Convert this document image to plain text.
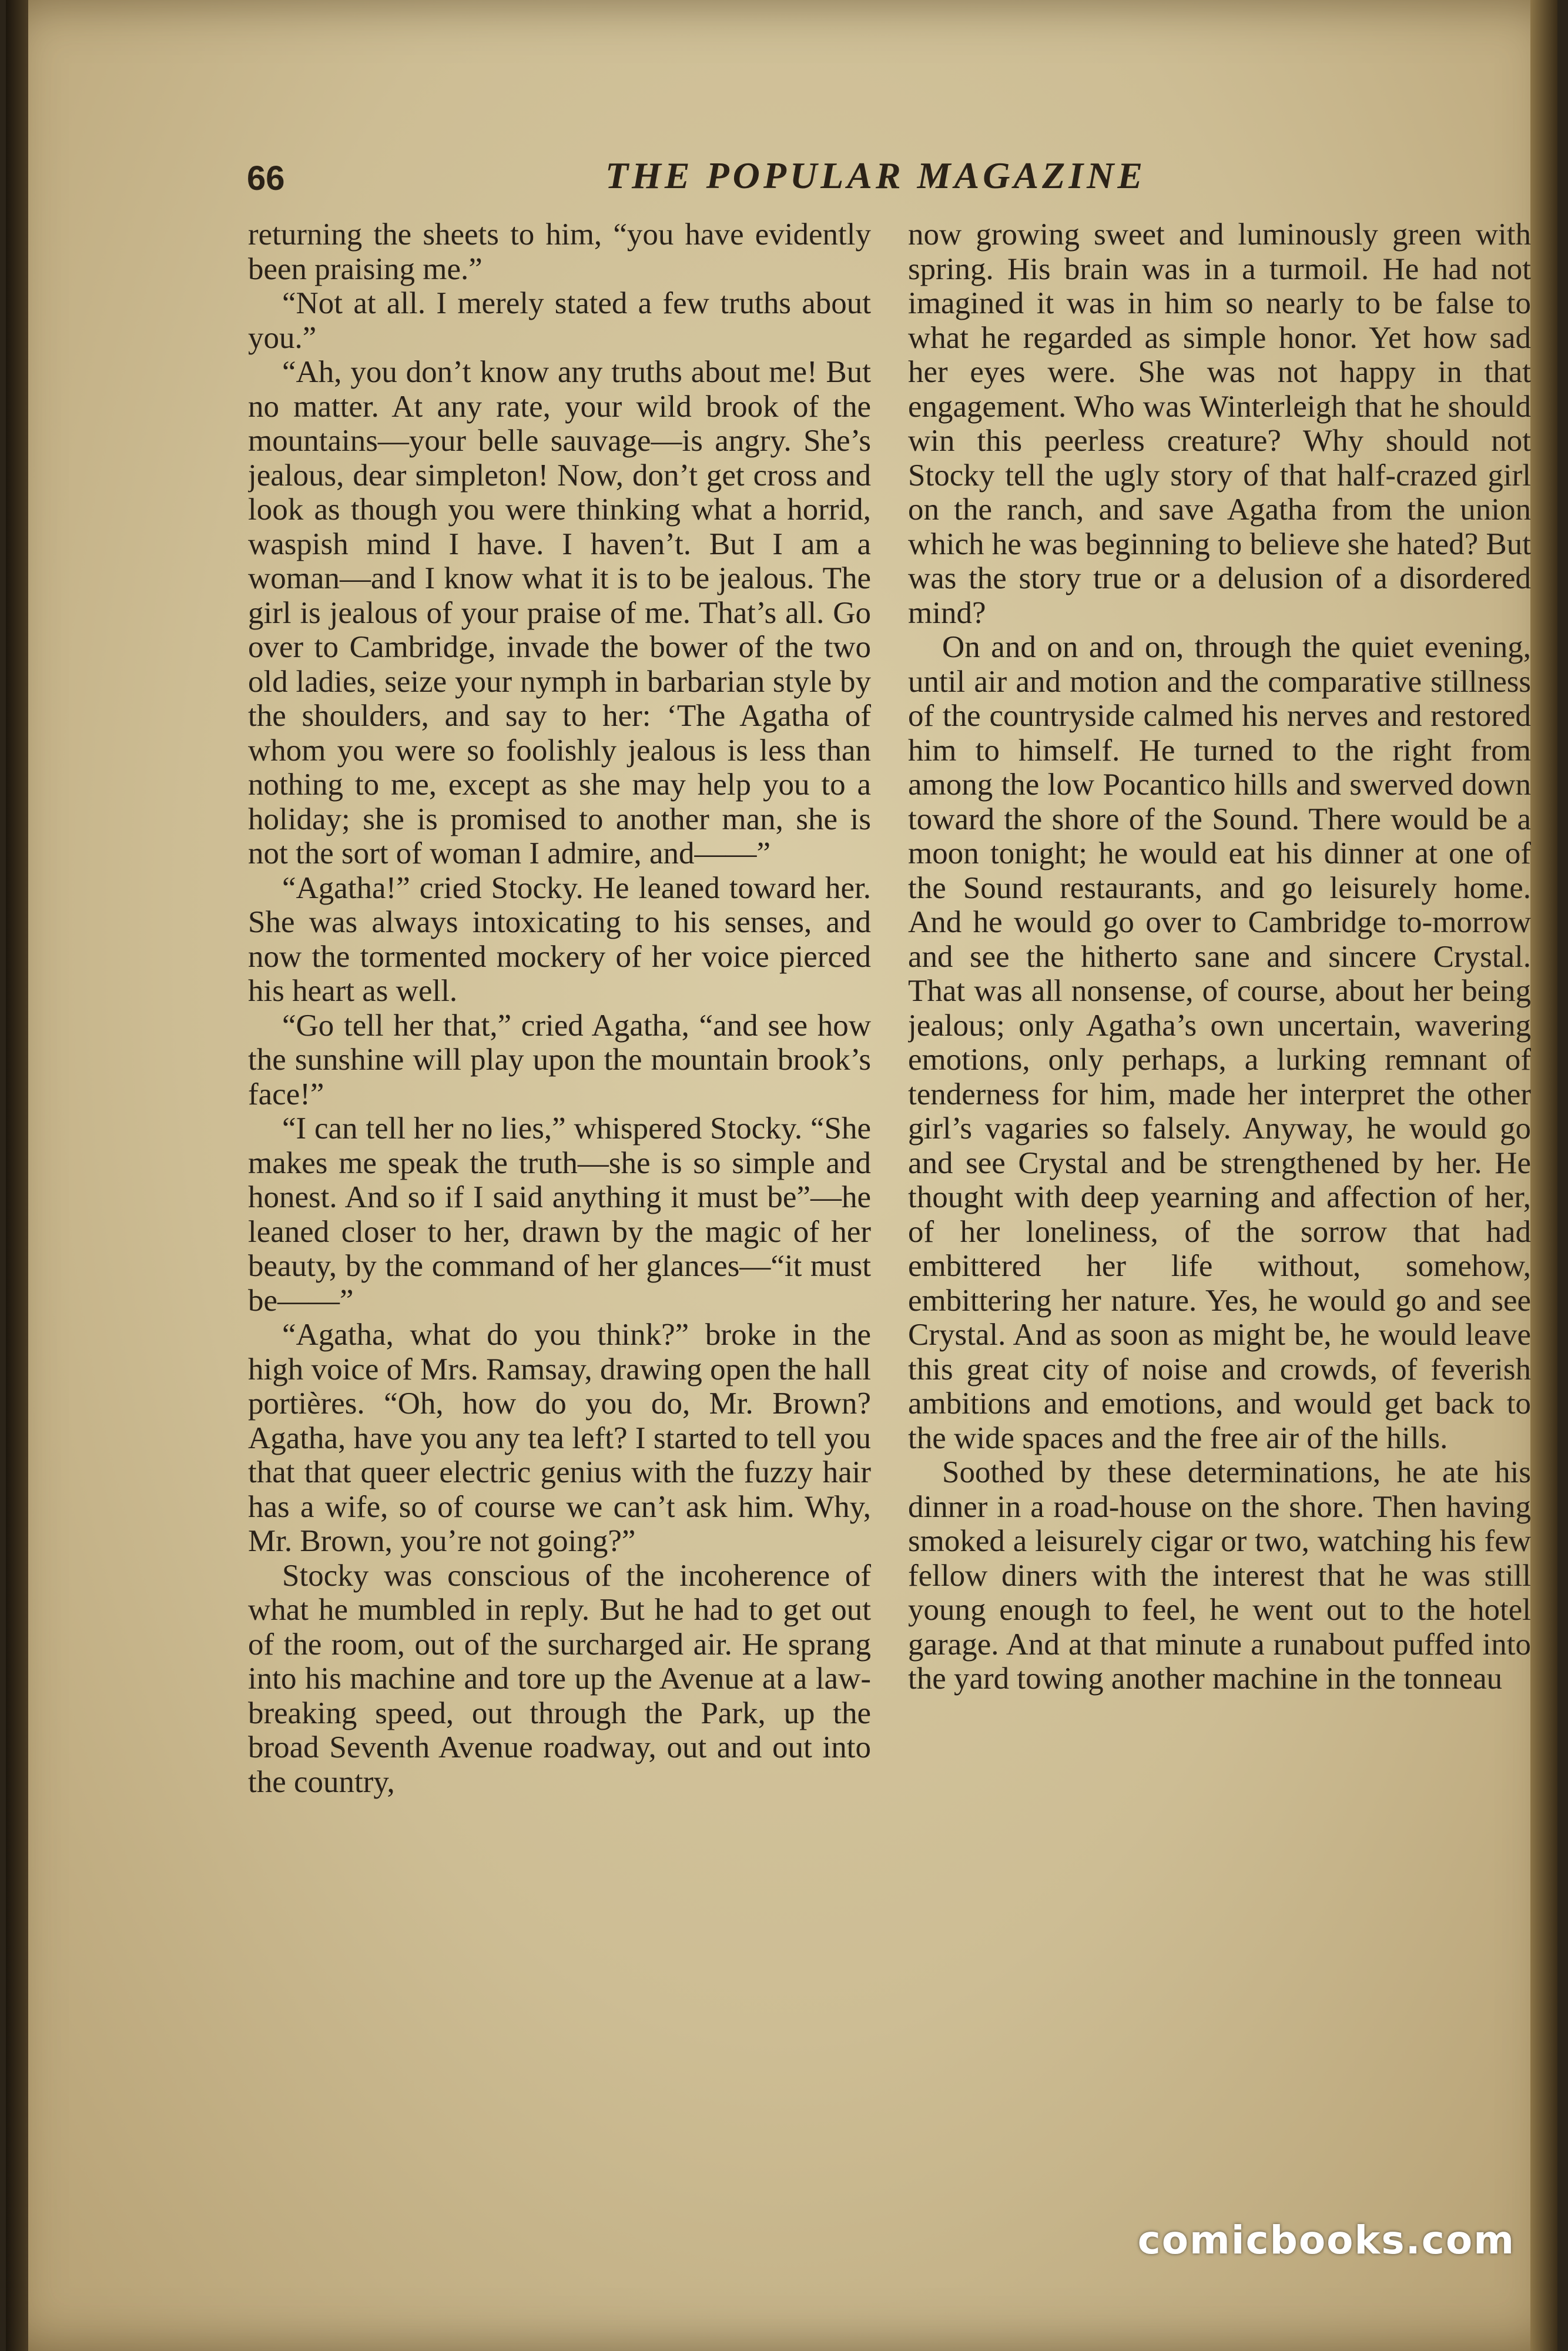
66	THE POPULAR MAGAZINE

returning the sheets to him, “you have evidently been praising me.”

“Not at all. I merely stated a few truths about you.”

“Ah, you don’t know any truths about me! But no matter. At any rate, your wild brook of the mountains—your belle sauvage—is angry. She’s jealous, dear simpleton! Now, don’t get cross and look as though you were thinking what a horrid, waspish mind I have. I haven’t. But I am a woman—and I know what it is to be jealous. The girl is jealous of your praise of me. That’s all. Go over to Cambridge, invade the bower of the two old ladies, seize your nymph in barbarian style by the shoulders, and say to her: ‘The Agatha of whom you were so foolishly jealous is less than nothing to me, except as she may help you to a holiday; she is promised to another man, she is not the sort of woman I admire, and——”

“Agatha!” cried Stocky. He leaned toward her. She was always intoxicating to his senses, and now the tormented mockery of her voice pierced his heart as well.

“Go tell her that,” cried Agatha, “and see how the sunshine will play upon the mountain brook’s face!”

“I can tell her no lies,” whispered Stocky. “She makes me speak the truth—she is so simple and honest. And so if I said anything it must be”—he leaned closer to her, drawn by the magic of her beauty, by the command of her glances—“it must be——”

“Agatha, what do you think?” broke in the high voice of Mrs. Ramsay, drawing open the hall portières. “Oh, how do you do, Mr. Brown? Agatha, have you any tea left? I started to tell you that that queer electric genius with the fuzzy hair has a wife, so of course we can’t ask him. Why, Mr. Brown, you’re not going?”

Stocky was conscious of the incoherence of what he mumbled in reply. But he had to get out of the room, out of the surcharged air. He sprang into his machine and tore up the Avenue at a law-breaking speed, out through the Park, up the broad Seventh Avenue roadway, out and out into the country,

now growing sweet and luminously green with spring. His brain was in a turmoil. He had not imagined it was in him so nearly to be false to what he regarded as simple honor. Yet how sad her eyes were. She was not happy in that engagement. Who was Winterleigh that he should win this peerless creature? Why should not Stocky tell the ugly story of that half-crazed girl on the ranch, and save Agatha from the union which he was beginning to believe she hated? But was the story true or a delusion of a disordered mind?

On and on and on, through the quiet evening, until air and motion and the comparative stillness of the countryside calmed his nerves and restored him to himself. He turned to the right from among the low Pocantico hills and swerved down toward the shore of the Sound. There would be a moon tonight; he would eat his dinner at one of the Sound restaurants, and go leisurely home. And he would go over to Cambridge to-morrow and see the hitherto sane and sincere Crystal. That was all nonsense, of course, about her being jealous; only Agatha’s own uncertain, wavering emotions, only perhaps, a lurking remnant of tenderness for him, made her interpret the other girl’s vagaries so falsely. Anyway, he would go and see Crystal and be strengthened by her. He thought with deep yearning and affection of her, of her loneliness, of the sorrow that had embittered her life without, somehow, embittering her nature. Yes, he would go and see Crystal. And as soon as might be, he would leave this great city of noise and crowds, of feverish ambitions and emotions, and would get back to the wide spaces and the free air of the hills.

Soothed by these determinations, he ate his dinner in a road-house on the shore. Then having smoked a leisurely cigar or two, watching his few fellow diners with the interest that he was still young enough to feel, he went out to the hotel garage. And at that minute a runabout puffed into the yard towing another machine in the tonneau

comicbooks.com
